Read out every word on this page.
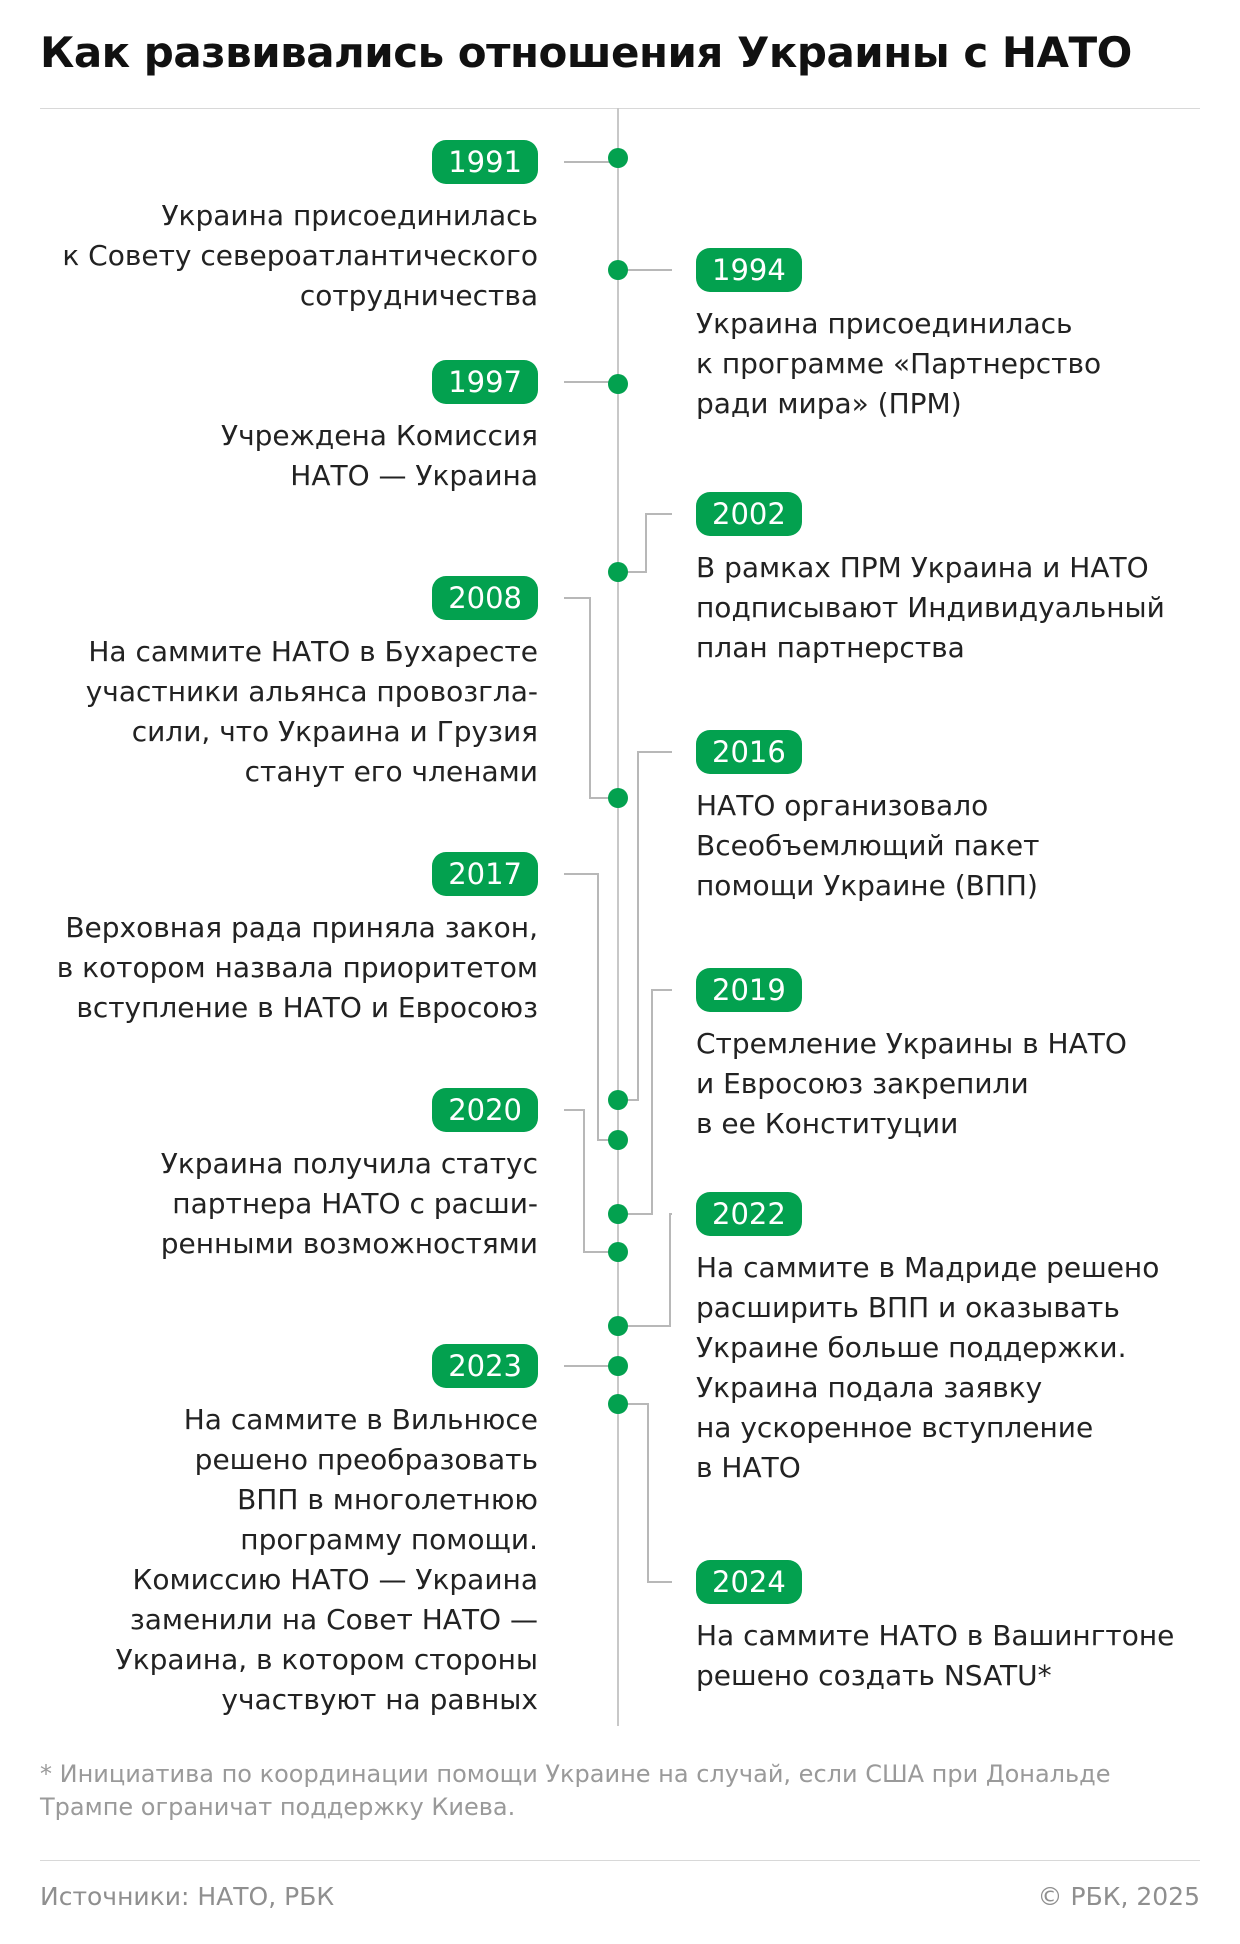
Как развивались отношения Украины с НАТО
1991
Украина присоединилась
к Совету североатлантического
сотрудничества
1994
Украина присоединилась
к программе «Партнерство
ради мира» (ПРМ)
1997
Учреждена Комиссия
НАТО — Украина
2002
В рамках ПРМ Украина и НАТО
подписывают Индивидуальный
план партнерства
2008
На саммите НАТО в Бухаресте
участники альянса провозгла-
сили, что Украина и Грузия
станут его членами
2016
НАТО организовало
Всеобъемлющий пакет
помощи Украине (ВПП)
2017
Верховная рада приняла закон,
в котором назвала приоритетом
вступление в НАТО и Евросоюз
2019
Стремление Украины в НАТО
и Евросоюз закрепили
в ее Конституции
2020
Украина получила статус
партнера НАТО с расши-
ренными возможностями
2022
На саммите в Мадриде решено
расширить ВПП и оказывать
Украине больше поддержки.
Украина подала заявку
на ускоренное вступление
в НАТО
2023
На саммите в Вильнюсе
решено преобразовать
ВПП в многолетнюю
программу помощи.
Комиссию НАТО — Украина
заменили на Совет НАТО —
Украина, в котором стороны
участвуют на равных
2024
На саммите НАТО в Вашингтоне
решено создать NSATU*

* Инициатива по координации помощи Украине на случай, если США при Дональде Трампе ограничат поддержку Киева.

Источники: НАТО, РБК	© РБК, 2025
